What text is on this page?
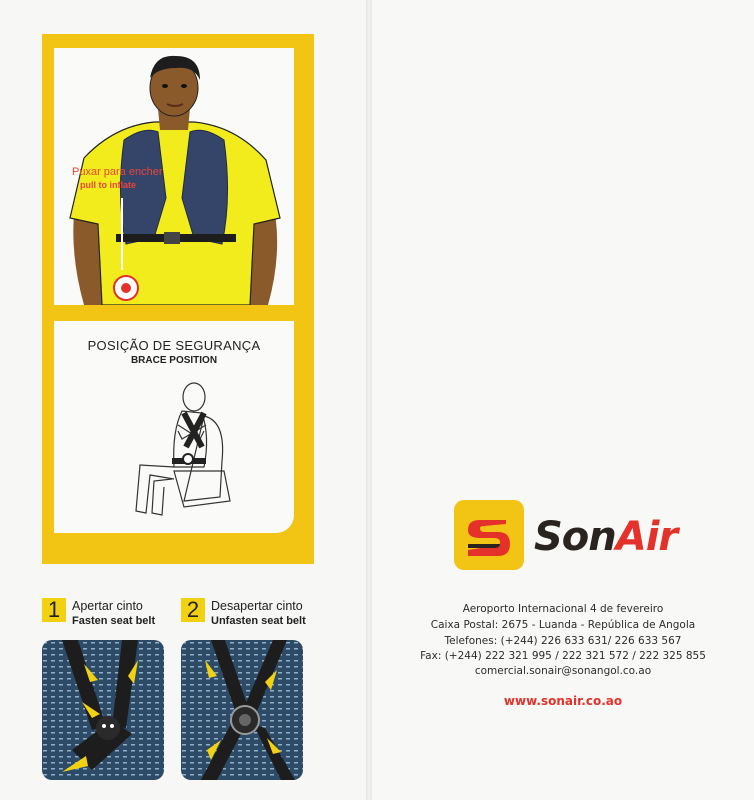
Puxar para encher
pull to inflate
POSIÇÃO DE SEGURANÇA
BRACE POSITION
1 Apertar cinto
Fasten seat belt 2 Desapertar cinto
Unfasten seat belt
SonAir
Aeroporto Internacional 4 de fevereiro
Caixa Postal: 2675 - Luanda - República de Angola
Telefones: (+244) 226 633 631/ 226 633 567
Fax: (+244) 222 321 995 / 222 321 572 / 222 325 855
comercial.sonair@sonangol.co.ao
www.sonair.co.ao
